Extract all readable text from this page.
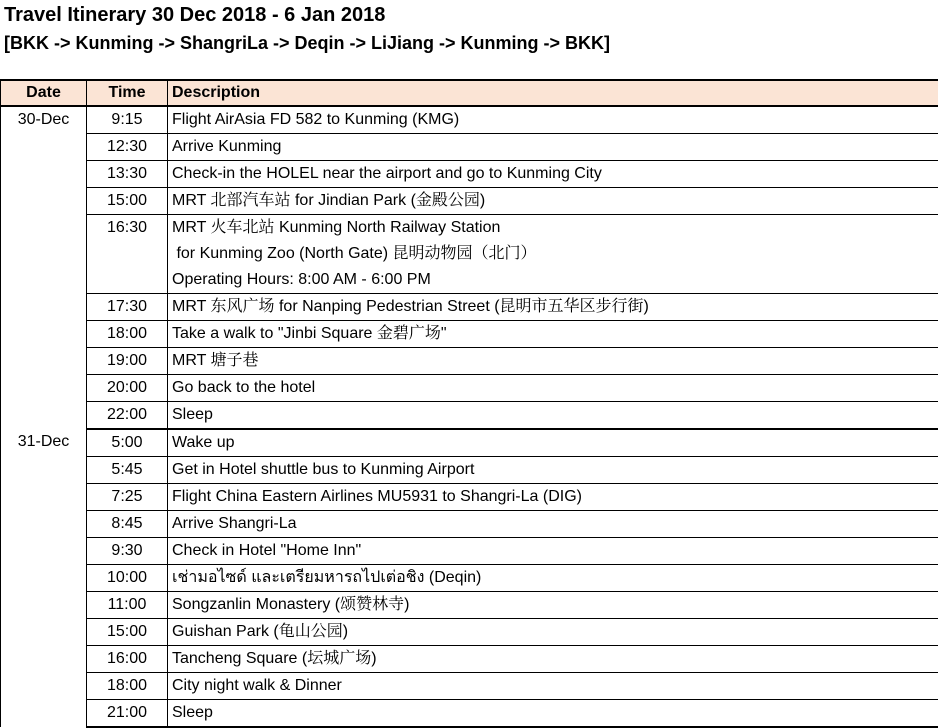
Travel Itinerary 30 Dec 2018 - 6 Jan 2018
[BKK -> Kunming -> ShangriLa -> Deqin -> LiJiang -> Kunming -> BKK]
Date	Time	Description
30-Dec	9:15	Flight AirAsia FD 582 to Kunming (KMG)

	12:30	Arrive Kunming

	13:30	Check-in the HOLEL near the airport and go to Kunming City

	15:00	MRT 北部汽车站 for Jindian Park (金殿公园)

	16:30	MRT 火车北站 Kunming North Railway Station
for Kunming Zoo (North Gate) 昆明动物园（北门）
Operating Hours: 8:00 AM - 6:00 PM

	17:30	MRT 东风广场 for Nanping Pedestrian Street (昆明市五华区步行街)

	18:00	Take a walk to "Jinbi Square 金碧广场"

	19:00	MRT 塘子巷

	20:00	Go back to the hotel

	22:00	Sleep

31-Dec	5:00	Wake up

	5:45	Get in Hotel shuttle bus to Kunming Airport

	7:25	Flight China Eastern Airlines MU5931 to Shangri-La (DIG)

	8:45	Arrive Shangri-La

	9:30	Check in Hotel "Home Inn"

	10:00	เช่ามอไซด์ และเตรียมหารถไปเต่อชิง (Deqin)

	11:00	Songzanlin Monastery (颂赞林寺)

	15:00	Guishan Park (龟山公园)

	16:00	Tancheng Square (坛城广场)

	18:00	City night walk & Dinner

	21:00	Sleep
